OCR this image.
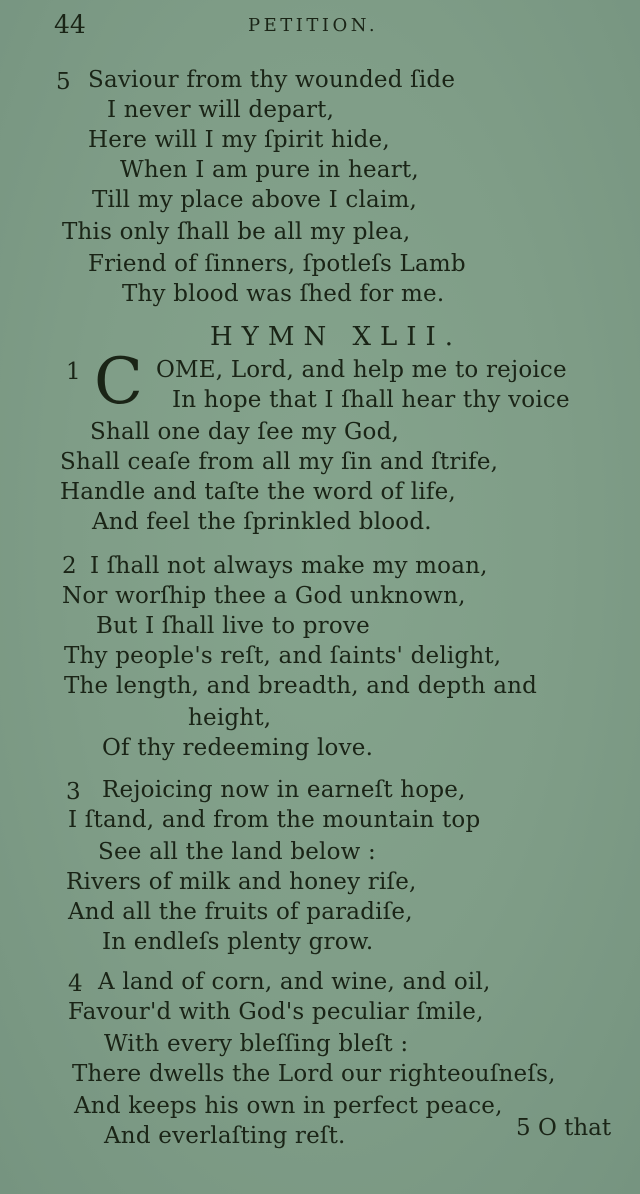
44	PETITION.
5 Saviour from thy wounded ſide
I never will depart,
Here will I my ſpirit hide,
When I am pure in heart,
Till my place above I claim,
This only ſhall be all my plea,
Friend of ſinners, ſpotleſs Lamb
Thy blood was ſhed for me.
HYMN XLII.
1 C OME, Lord, and help me to rejoice
In hope that I ſhall hear thy voice
Shall one day ſee my God,
Shall ceaſe from all my ſin and ſtrife,
Handle and taſte the word of life,
And feel the ſprinkled blood.
2 I ſhall not always make my moan,
Nor worſhip thee a God unknown,
But I ſhall live to prove
Thy people's reſt, and ſaints' delight,
The length, and breadth, and depth and
height,
Of thy redeeming love.
3 Rejoicing now in earneſt hope,
I ſtand, and from the mountain top
See all the land below :
Rivers of milk and honey riſe,
And all the fruits of paradiſe,
In endleſs plenty grow.
4 A land of corn, and wine, and oil,
Favour'd with God's peculiar ſmile,
With every bleſſing bleſt :
There dwells the Lord our righteouſneſs,
And keeps his own in perfect peace,
And everlaſting reſt.	5 O that
